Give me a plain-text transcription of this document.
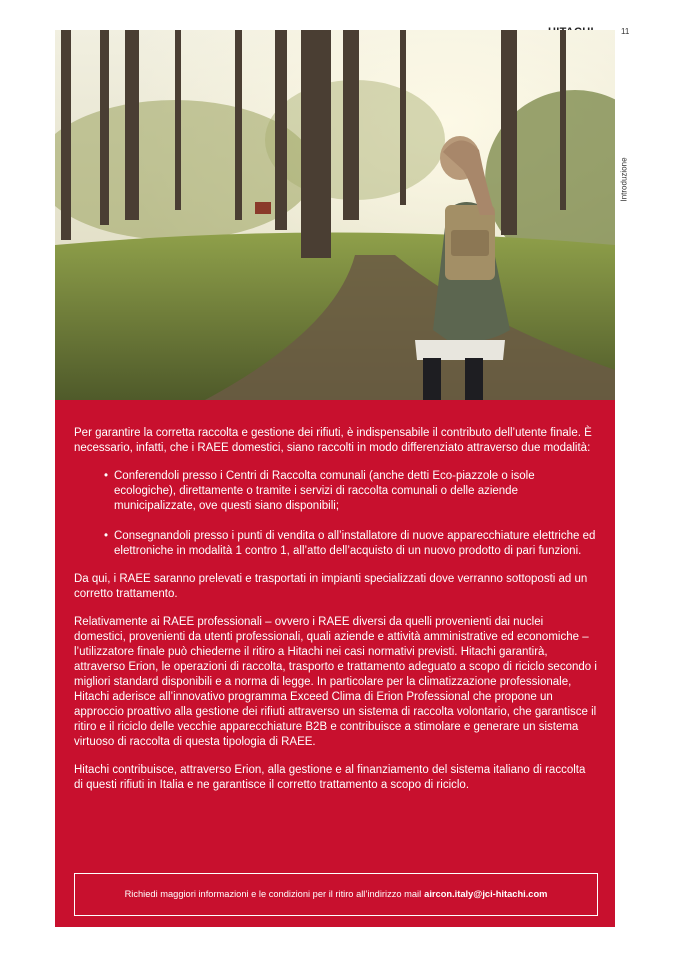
11
Introduzione

Per garantire la corretta raccolta e gestione dei rifiuti, è indispensabile il contributo dell’utente finale. È necessario, infatti, che i RAEE domestici, siano raccolti in modo differenziato attraverso due modalità:

• Conferendoli presso i Centri di Raccolta comunali (anche detti Eco-piazzole o isole ecologiche), direttamente o tramite i servizi di raccolta comunali o delle aziende municipalizzate, ove questi siano disponibili;
• Consegnandoli presso i punti di vendita o all’installatore di nuove apparecchiature elettriche ed elettroniche in modalità 1 contro 1, all’atto dell’acquisto di un nuovo prodotto di pari funzioni.

Da qui, i RAEE saranno prelevati e trasportati in impianti specializzati dove verranno sottoposti ad un corretto trattamento.

Relativamente ai RAEE professionali – ovvero i RAEE diversi da quelli provenienti dai nuclei domestici, provenienti da utenti professionali, quali aziende e attività amministrative ed economiche – l’utilizzatore finale può chiederne il ritiro a Hitachi nei casi normativi previsti. Hitachi garantirà, attraverso Erion, le operazioni di raccolta, trasporto e trattamento adeguato a scopo di riciclo secondo i migliori standard disponibili e a norma di legge. In particolare per la climatizzazione professionale, Hitachi aderisce all’innovativo programma Exceed Clima di Erion Professional che propone un approccio proattivo alla gestione dei rifiuti attraverso un sistema di raccolta volontario, che garantisce il ritiro e il riciclo delle vecchie apparecchiature B2B e contribuisce a stimolare e generare un sistema virtuoso di raccolta di questa tipologia di RAEE.

Hitachi contribuisce, attraverso Erion, alla gestione e al finanziamento del sistema italiano di raccolta di questi rifiuti in Italia e ne garantisce il corretto trattamento a scopo di riciclo.

Richiedi maggiori informazioni e le condizioni per il ritiro all’indirizzo mail aircon.italy@jci-hitachi.com
